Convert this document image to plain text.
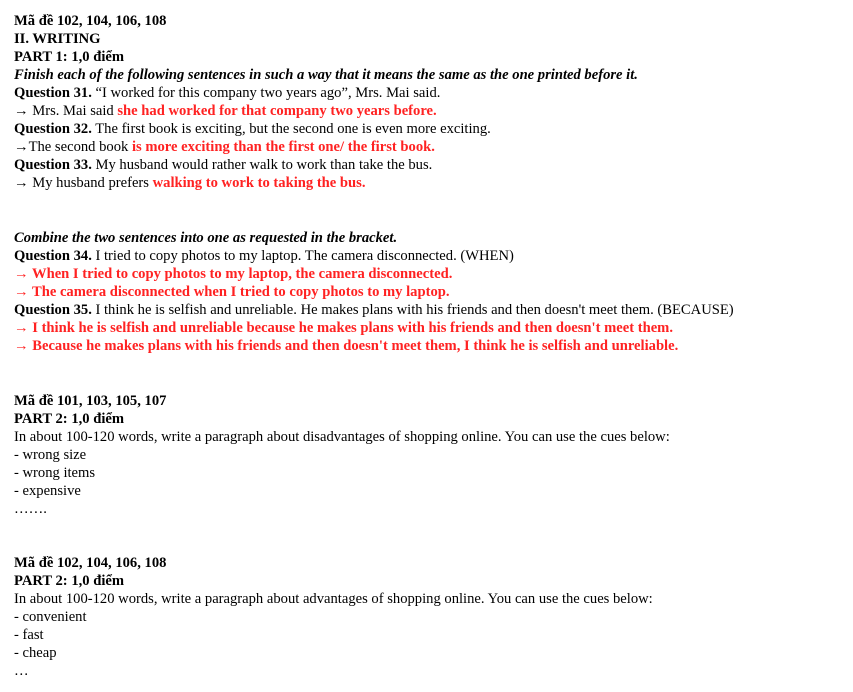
Mã đề 102, 104, 106, 108
II. WRITING
PART 1: 1,0 điểm
Finish each of the following sentences in such a way that it means the same as the one printed before it.
Question 31. “I worked for this company two years ago”, Mrs. Mai said.
→ Mrs. Mai said she had worked for that company two years before.
Question 32. The first book is exciting, but the second one is even more exciting.
→The second book is more exciting than the first one/ the first book.
Question 33. My husband would rather walk to work than take the bus.
→ My husband prefers walking to work to taking the bus.
Combine the two sentences into one as requested in the bracket.
Question 34. I tried to copy photos to my laptop. The camera disconnected. (WHEN)
→ When I tried to copy photos to my laptop, the camera disconnected.
→ The camera disconnected when I tried to copy photos to my laptop.
Question 35. I think he is selfish and unreliable. He makes plans with his friends and then doesn't meet them. (BECAUSE)
→ I think he is selfish and unreliable because he makes plans with his friends and then doesn't meet them.
→ Because he makes plans with his friends and then doesn't meet them, I think he is selfish and unreliable.
Mã đề 101, 103, 105, 107
PART 2: 1,0 điểm
In about 100-120 words, write a paragraph about disadvantages of shopping online. You can use the cues below:
- wrong size
- wrong items
- expensive
…….
Mã đề 102, 104, 106, 108
PART 2: 1,0 điểm
In about 100-120 words, write a paragraph about advantages of shopping online. You can use the cues below:
- convenient
- fast
- cheap
…
